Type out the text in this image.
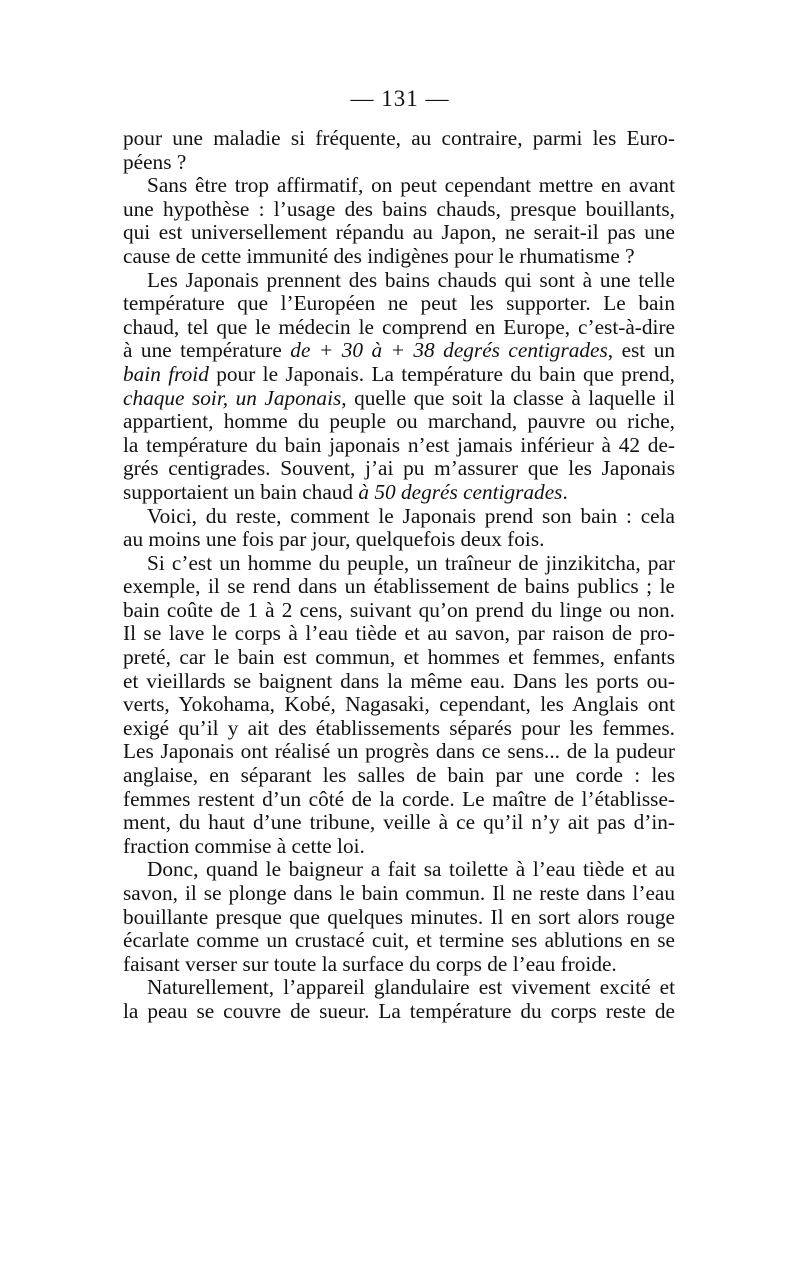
— 131 —
pour une maladie si fréquente, au contraire, parmi les Euro-
péens ?
Sans être trop affirmatif, on peut cependant mettre en avant
une hypothèse : l’usage des bains chauds, presque bouillants,
qui est universellement répandu au Japon, ne serait-il pas une
cause de cette immunité des indigènes pour le rhumatisme ?
Les Japonais prennent des bains chauds qui sont à une telle
température que l’Européen ne peut les supporter. Le bain
chaud, tel que le médecin le comprend en Europe, c’est-à-dire
à une température de + 30 à + 38 degrés centigrades, est un
bain froid pour le Japonais. La température du bain que prend,
chaque soir, un Japonais, quelle que soit la classe à laquelle il
appartient, homme du peuple ou marchand, pauvre ou riche,
la température du bain japonais n’est jamais inférieur à 42 de-
grés centigrades. Souvent, j’ai pu m’assurer que les Japonais
supportaient un bain chaud à 50 degrés centigrades.
Voici, du reste, comment le Japonais prend son bain : cela
au moins une fois par jour, quelquefois deux fois.
Si c’est un homme du peuple, un traîneur de jinzikitcha, par
exemple, il se rend dans un établissement de bains publics ; le
bain coûte de 1 à 2 cens, suivant qu’on prend du linge ou non.
Il se lave le corps à l’eau tiède et au savon, par raison de pro-
preté, car le bain est commun, et hommes et femmes, enfants
et vieillards se baignent dans la même eau. Dans les ports ou-
verts, Yokohama, Kobé, Nagasaki, cependant, les Anglais ont
exigé qu’il y ait des établissements séparés pour les femmes.
Les Japonais ont réalisé un progrès dans ce sens... de la pudeur
anglaise, en séparant les salles de bain par une corde : les
femmes restent d’un côté de la corde. Le maître de l’établisse-
ment, du haut d’une tribune, veille à ce qu’il n’y ait pas d’in-
fraction commise à cette loi.
Donc, quand le baigneur a fait sa toilette à l’eau tiède et au
savon, il se plonge dans le bain commun. Il ne reste dans l’eau
bouillante presque que quelques minutes. Il en sort alors rouge
écarlate comme un crustacé cuit, et termine ses ablutions en se
faisant verser sur toute la surface du corps de l’eau froide.
Naturellement, l’appareil glandulaire est vivement excité et
la peau se couvre de sueur. La température du corps reste de
